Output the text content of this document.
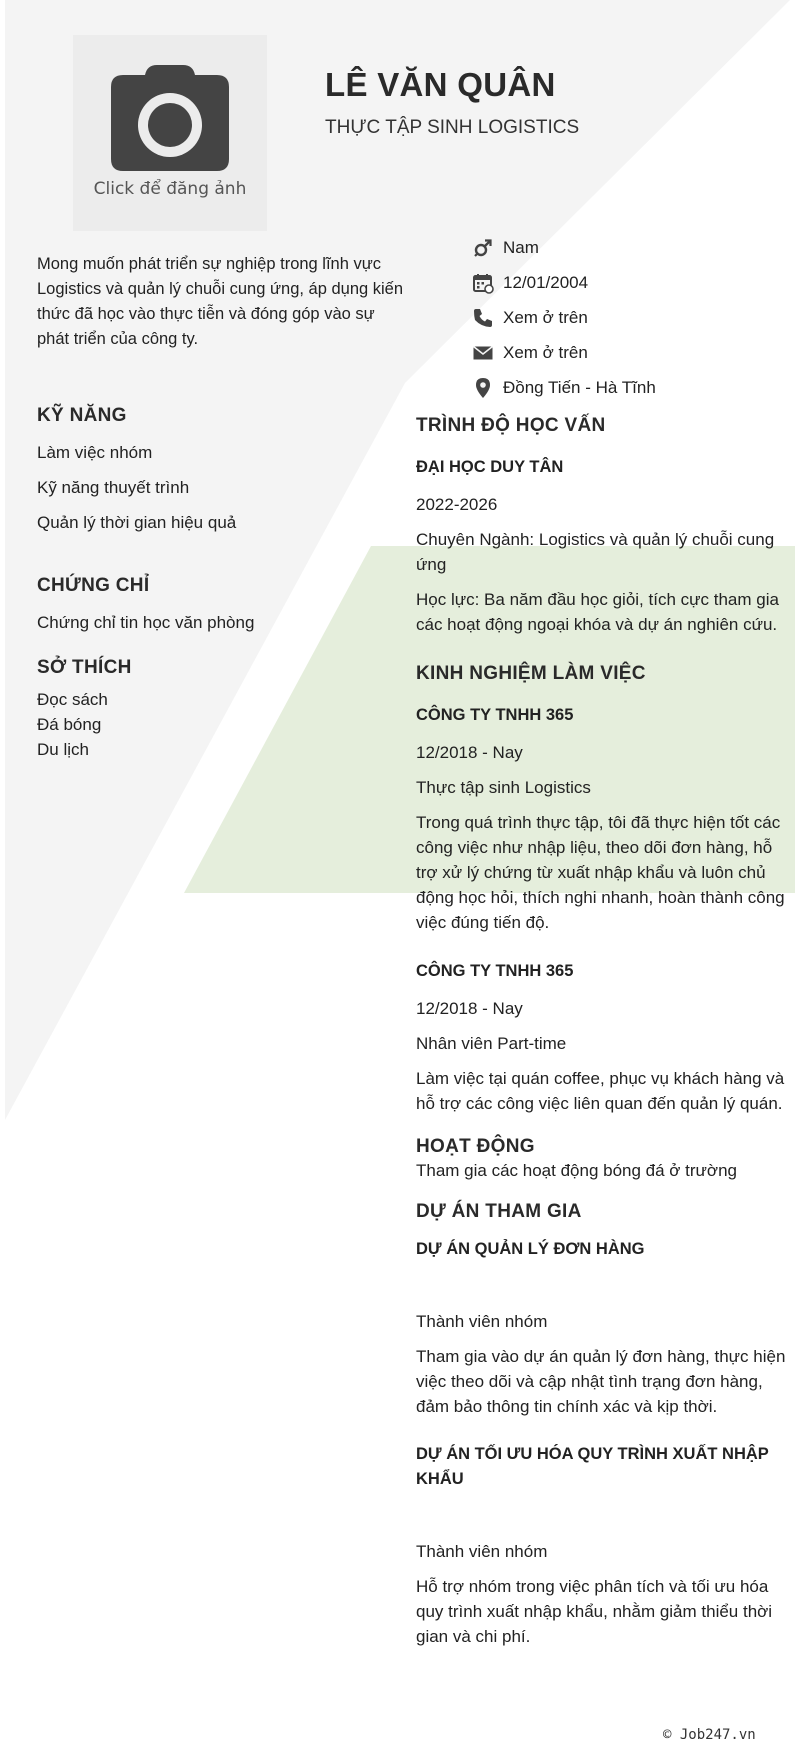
Click để đăng ảnh
LÊ VĂN QUÂN
THỰC TẬP SINH LOGISTICS
Mong muốn phát triển sự nghiệp trong lĩnh vực Logistics và quản lý chuỗi cung ứng, áp dụng kiến thức đã học vào thực tiễn và đóng góp vào sự phát triển của công ty.
Nam
12/01/2004
Xem ở trên
Xem ở trên
Đồng Tiến - Hà Tĩnh
KỸ NĂNG
Làm việc nhóm
Kỹ năng thuyết trình
Quản lý thời gian hiệu quả
CHỨNG CHỈ
Chứng chỉ tin học văn phòng
SỞ THÍCH
Đọc sách
Đá bóng
Du lịch
TRÌNH ĐỘ HỌC VẤN
ĐẠI HỌC DUY TÂN
2022-2026
Chuyên Ngành: Logistics và quản lý chuỗi cung ứng
Học lực: Ba năm đầu học giỏi, tích cực tham gia các hoạt động ngoại khóa và dự án nghiên cứu.
KINH NGHIỆM LÀM VIỆC
CÔNG TY TNHH 365
12/2018 - Nay
Thực tập sinh Logistics
Trong quá trình thực tập, tôi đã thực hiện tốt các công việc như nhập liệu, theo dõi đơn hàng, hỗ trợ xử lý chứng từ xuất nhập khẩu và luôn chủ động học hỏi, thích nghi nhanh, hoàn thành công việc đúng tiến độ.
CÔNG TY TNHH 365
12/2018 - Nay
Nhân viên Part-time
Làm việc tại quán coffee, phục vụ khách hàng và hỗ trợ các công việc liên quan đến quản lý quán.
HOẠT ĐỘNG
Tham gia các hoạt động bóng đá ở trường
DỰ ÁN THAM GIA
DỰ ÁN QUẢN LÝ ĐƠN HÀNG
Thành viên nhóm
Tham gia vào dự án quản lý đơn hàng, thực hiện việc theo dõi và cập nhật tình trạng đơn hàng, đảm bảo thông tin chính xác và kịp thời.
DỰ ÁN TỐI ƯU HÓA QUY TRÌNH XUẤT NHẬP KHẨU
Thành viên nhóm
Hỗ trợ nhóm trong việc phân tích và tối ưu hóa quy trình xuất nhập khẩu, nhằm giảm thiểu thời gian và chi phí.
© Job247.vn
